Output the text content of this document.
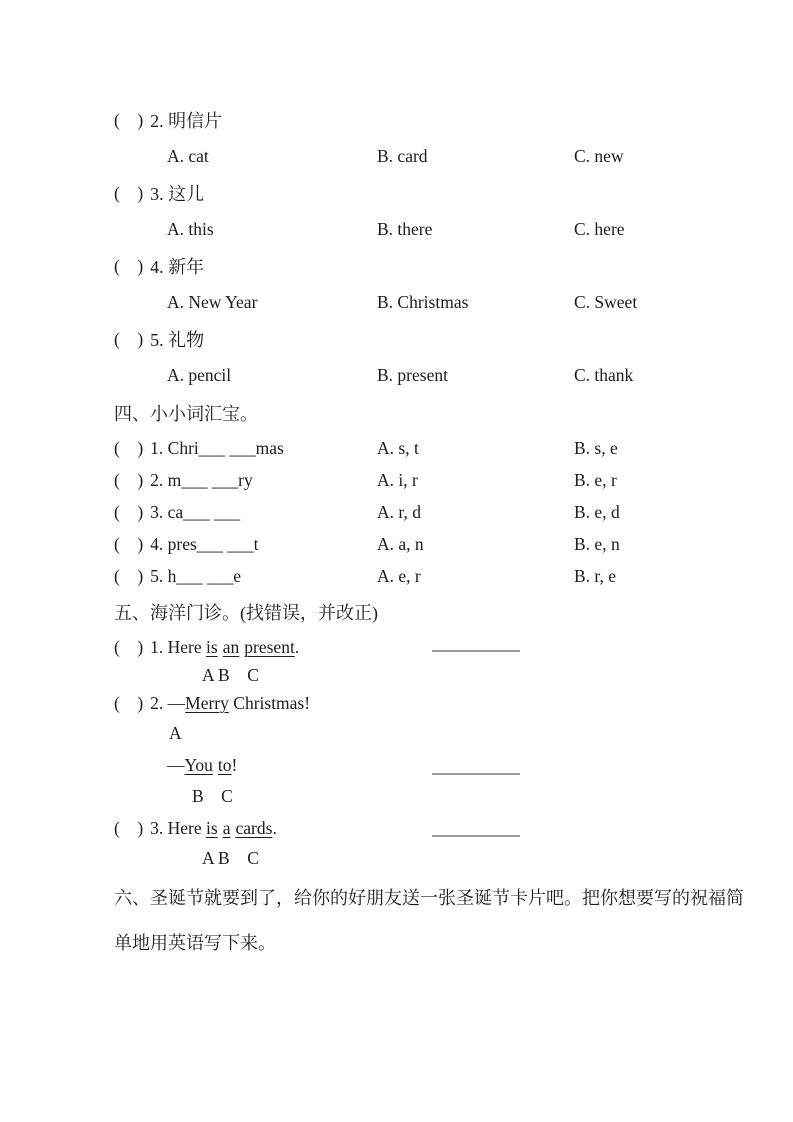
(    ) 2. 明信片
A. cat	B. card	C. new
(    ) 3. 这儿
A. this	B. there	C. here
(    ) 4. 新年
A. New Year	B. Christmas	C. Sweet
(    ) 5. 礼物
A. pencil	B. present	C. thank
四、小小词汇宝。
(    ) 1. Chri___ ___mas	A. s, t	B. s, e
(    ) 2. m___ ___ry	A. i, r	B. e, r
(    ) 3. ca___ ___	A. r, d	B. e, d
(    ) 4. pres___ ___t	A. a, n	B. e, n
(    ) 5. h___ ___e	A. e, r	B. r, e
五、海洋门诊。(找错误，并改正)
(    ) 1. Here is an present .
A B    C
(    ) 2. — Merry Christmas!
A
— You to !
B    C
(    ) 3. Here is a cards .
A B    C
六、圣诞节就要到了，给你的好朋友送一张圣诞节卡片吧。把你想要写的祝福简
单地用英语写下来。
